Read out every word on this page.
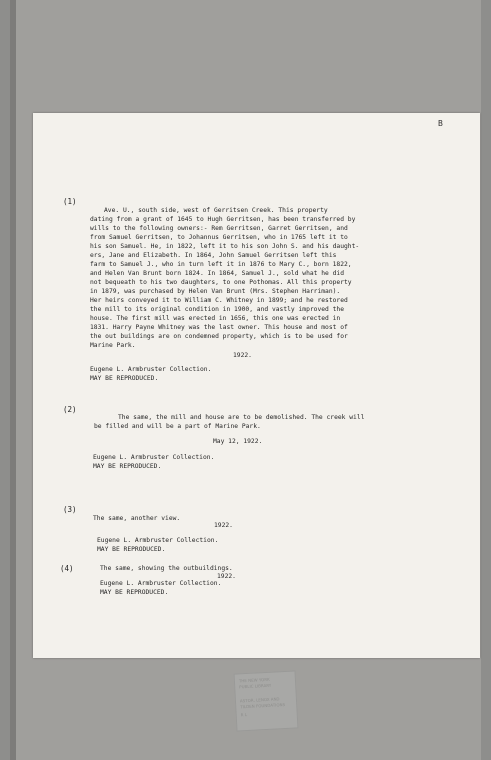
B
(1)
Ave. U., south side, west of Gerritsen Creek. This property
dating from a grant of 1645 to Hugh Gerritsen, has been transferred by
wills to the following owners:- Rem Gerritsen, Garret Gerritsen, and
from Samuel Gerritsen, to Johannus Gerritsen, who in 1765 left it to
his son Samuel. He, in 1822, left it to his son John S. and his daught-
ers, Jane and Elizabeth. In 1864, John Samuel Gerritsen left this
farm to Samuel J., who in turn left it in 1876 to Mary C., born 1822,
and Helen Van Brunt born 1824. In 1864, Samuel J., sold what he did
not bequeath to his two daughters, to one Pothomas. All this property
in 1879, was purchased by Helen Van Brunt (Mrs. Stephen Harriman).
Her heirs conveyed it to William C. Whitney in 1899; and he restored
the mill to its original condition in 1900, and vastly improved the
house. The first mill was erected in 1656, this one was erected in
1831. Harry Payne Whitney was the last owner. This house and most of
the out buildings are on condemned property, which is to be used for
Marine Park.
1922.
Eugene L. Armbruster Collection.
MAY BE REPRODUCED.
(2)
The same, the mill and house are to be demolished. The creek will
be filled and will be a part of Marine Park.
May 12, 1922.
Eugene L. Armbruster Collection.
MAY BE REPRODUCED.
(3)
The same, another view.
1922.
Eugene L. Armbruster Collection.
MAY BE REPRODUCED.
(4)	The same, showing the outbuildings.
1922.
Eugene L. Armbruster Collection.
MAY BE REPRODUCED.
THE NEW YORK
PUBLIC LIBRARY
ASTOR, LENOX AND
TILDEN FOUNDATIONS
R L
